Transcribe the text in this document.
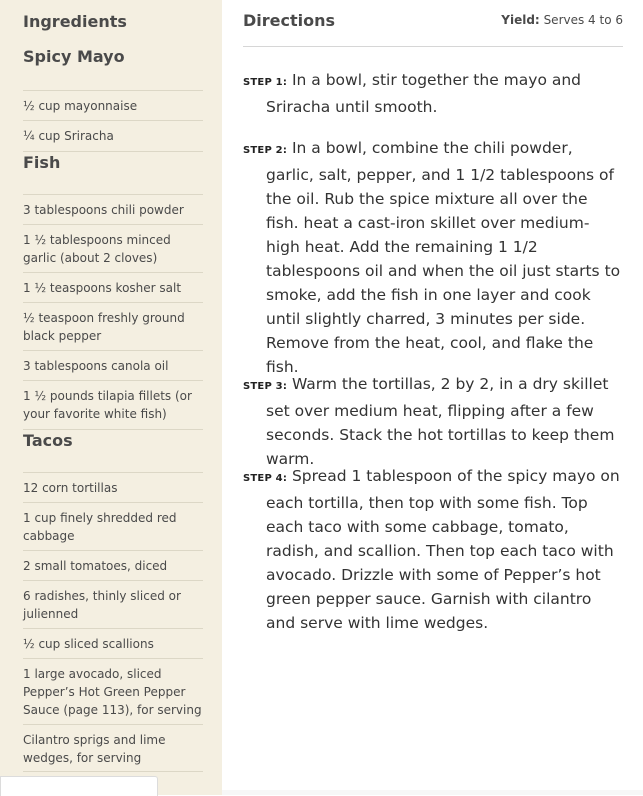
Ingredients
Spicy Mayo
½ cup mayonnaise
¼ cup Sriracha
Fish
3 tablespoons chili powder
1 ½ tablespoons minced garlic (about 2 cloves)
1 ½ teaspoons kosher salt
½ teaspoon freshly ground black pepper
3 tablespoons canola oil
1 ½ pounds tilapia fillets (or your favorite white fish)
Tacos
12 corn tortillas
1 cup finely shredded red cabbage
2 small tomatoes, diced
6 radishes, thinly sliced or julienned
½ cup sliced scallions
1 large avocado, sliced Pepper’s Hot Green Pepper Sauce (page 113), for serving
Cilantro sprigs and lime wedges, for serving
Directions	Yield: Serves 4 to 6
STEP 1: In a bowl, stir together the mayo and Sriracha until smooth.
STEP 2: In a bowl, combine the chili powder, garlic, salt, pepper, and 1 1/2 tablespoons of the oil. Rub the spice mixture all over the fish. heat a cast-iron skillet over medium-high heat. Add the remaining 1 1/2 tablespoons oil and when the oil just starts to smoke, add the fish in one layer and cook until slightly charred, 3 minutes per side. Remove from the heat, cool, and flake the fish.
STEP 3: Warm the tortillas, 2 by 2, in a dry skillet set over medium heat, flipping after a few seconds. Stack the hot tortillas to keep them warm.
STEP 4: Spread 1 tablespoon of the spicy mayo on each tortilla, then top with some fish. Top each taco with some cabbage, tomato, radish, and scallion. Then top each taco with avocado. Drizzle with some of Pepper’s hot green pepper sauce. Garnish with cilantro and serve with lime wedges.
